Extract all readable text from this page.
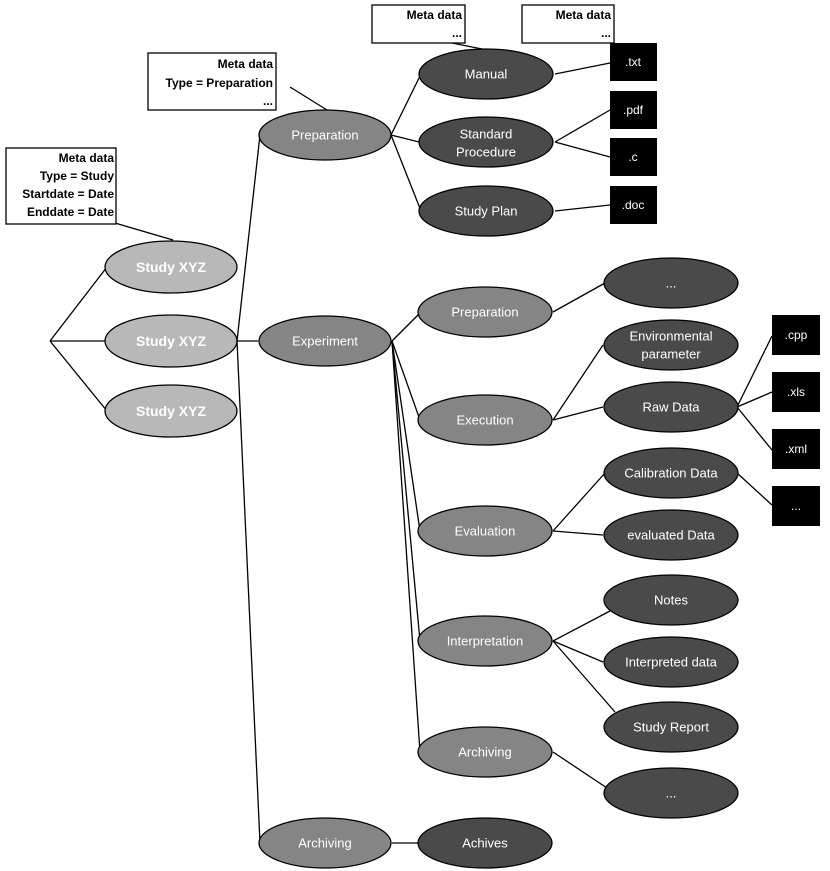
Meta data
Type = Study
Startdate = Date
Enddate = Date
Meta data
Type = Preparation
...
Meta data
...
Meta data
...
Study XYZ
Study XYZ
Study XYZ
Preparation
Experiment
Archiving
Manual
Standard
Procedure
Study Plan
Preparation
Execution
Evaluation
Interpretation
Archiving
...
Environmental
parameter
Raw Data
Calibration Data
evaluated Data
Notes
Interpreted data
Study Report
...
Achives
.txt
.pdf
.c
.doc
.cpp
.xls
.xml
...
